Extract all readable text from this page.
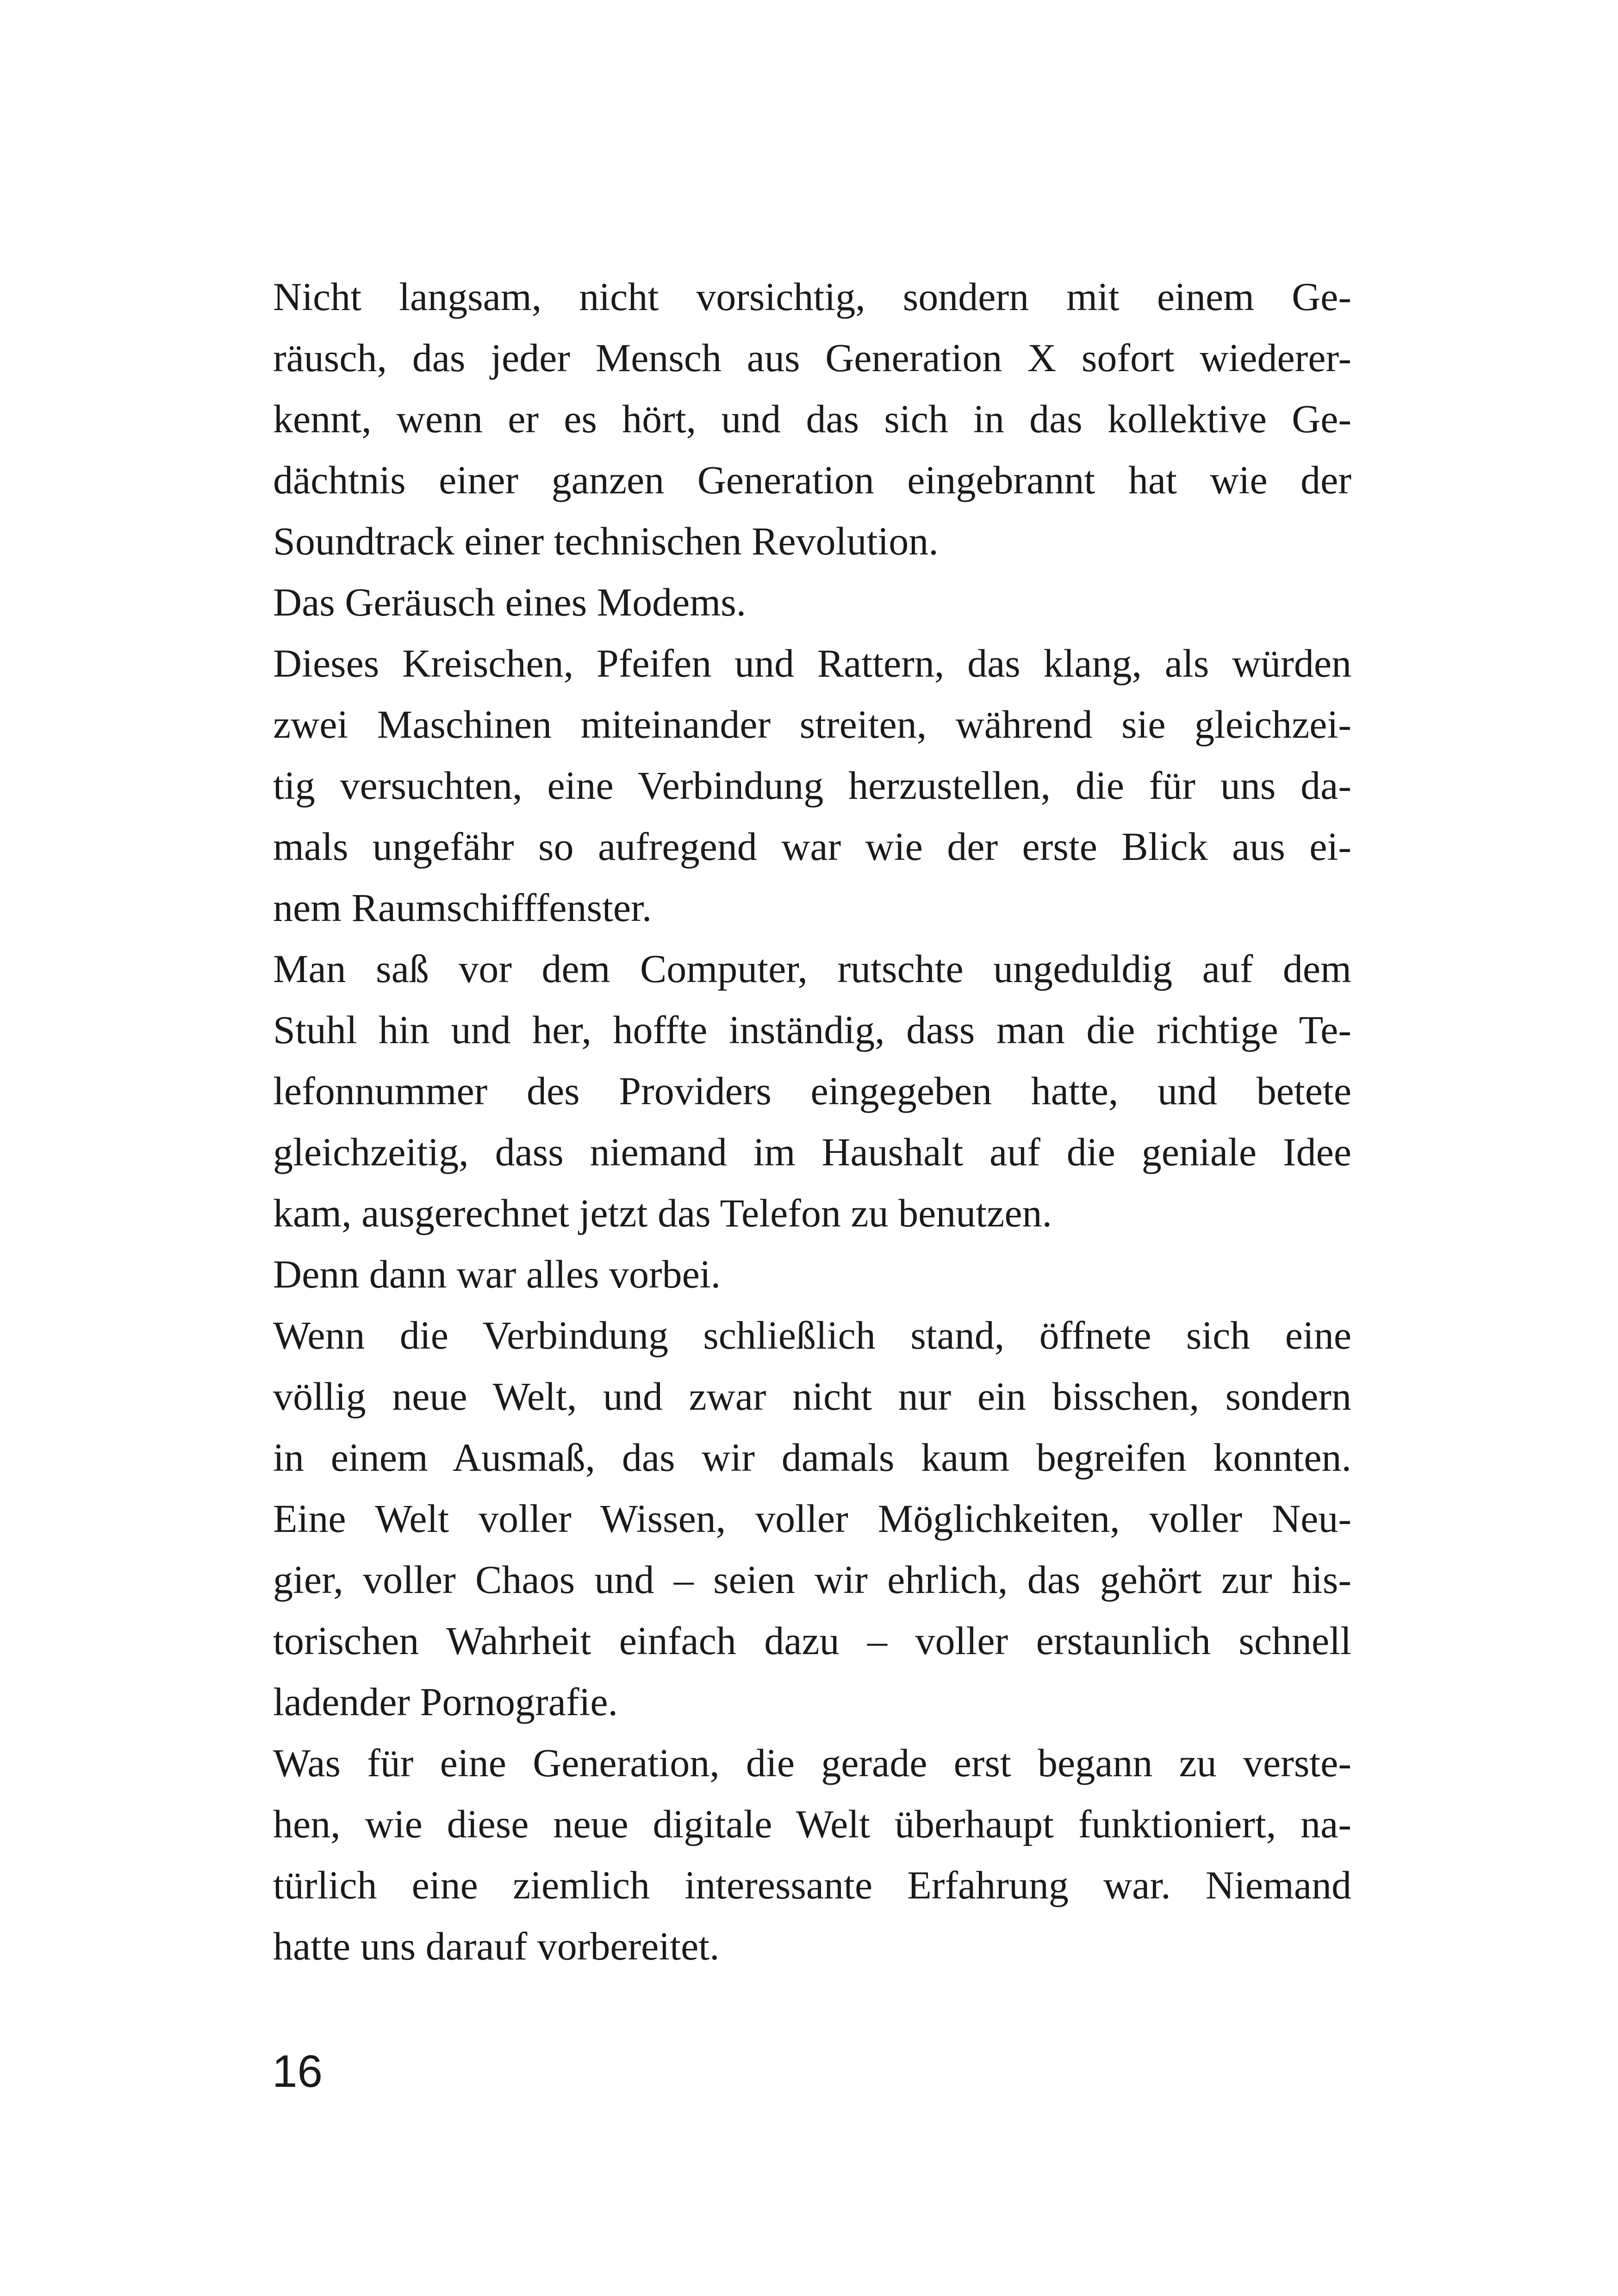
Nicht langsam, nicht vorsichtig, sondern mit einem Ge-
räusch, das jeder Mensch aus Generation X sofort wiederer-
kennt, wenn er es hört, und das sich in das kollektive Ge-
dächtnis einer ganzen Generation eingebrannt hat wie der
Soundtrack einer technischen Revolution.
Das Geräusch eines Modems.
Dieses Kreischen, Pfeifen und Rattern, das klang, als würden
zwei Maschinen miteinander streiten, während sie gleichzei-
tig versuchten, eine Verbindung herzustellen, die für uns da-
mals ungefähr so aufregend war wie der erste Blick aus ei-
nem Raumschifffenster.
Man saß vor dem Computer, rutschte ungeduldig auf dem
Stuhl hin und her, hoffte inständig, dass man die richtige Te-
lefonnummer des Providers eingegeben hatte, und betete
gleichzeitig, dass niemand im Haushalt auf die geniale Idee
kam, ausgerechnet jetzt das Telefon zu benutzen.
Denn dann war alles vorbei.
Wenn die Verbindung schließlich stand, öffnete sich eine
völlig neue Welt, und zwar nicht nur ein bisschen, sondern
in einem Ausmaß, das wir damals kaum begreifen konnten.
Eine Welt voller Wissen, voller Möglichkeiten, voller Neu-
gier, voller Chaos und – seien wir ehrlich, das gehört zur his-
torischen Wahrheit einfach dazu – voller erstaunlich schnell
ladender Pornografie.
Was für eine Generation, die gerade erst begann zu verste-
hen, wie diese neue digitale Welt überhaupt funktioniert, na-
türlich eine ziemlich interessante Erfahrung war. Niemand
hatte uns darauf vorbereitet.
16
